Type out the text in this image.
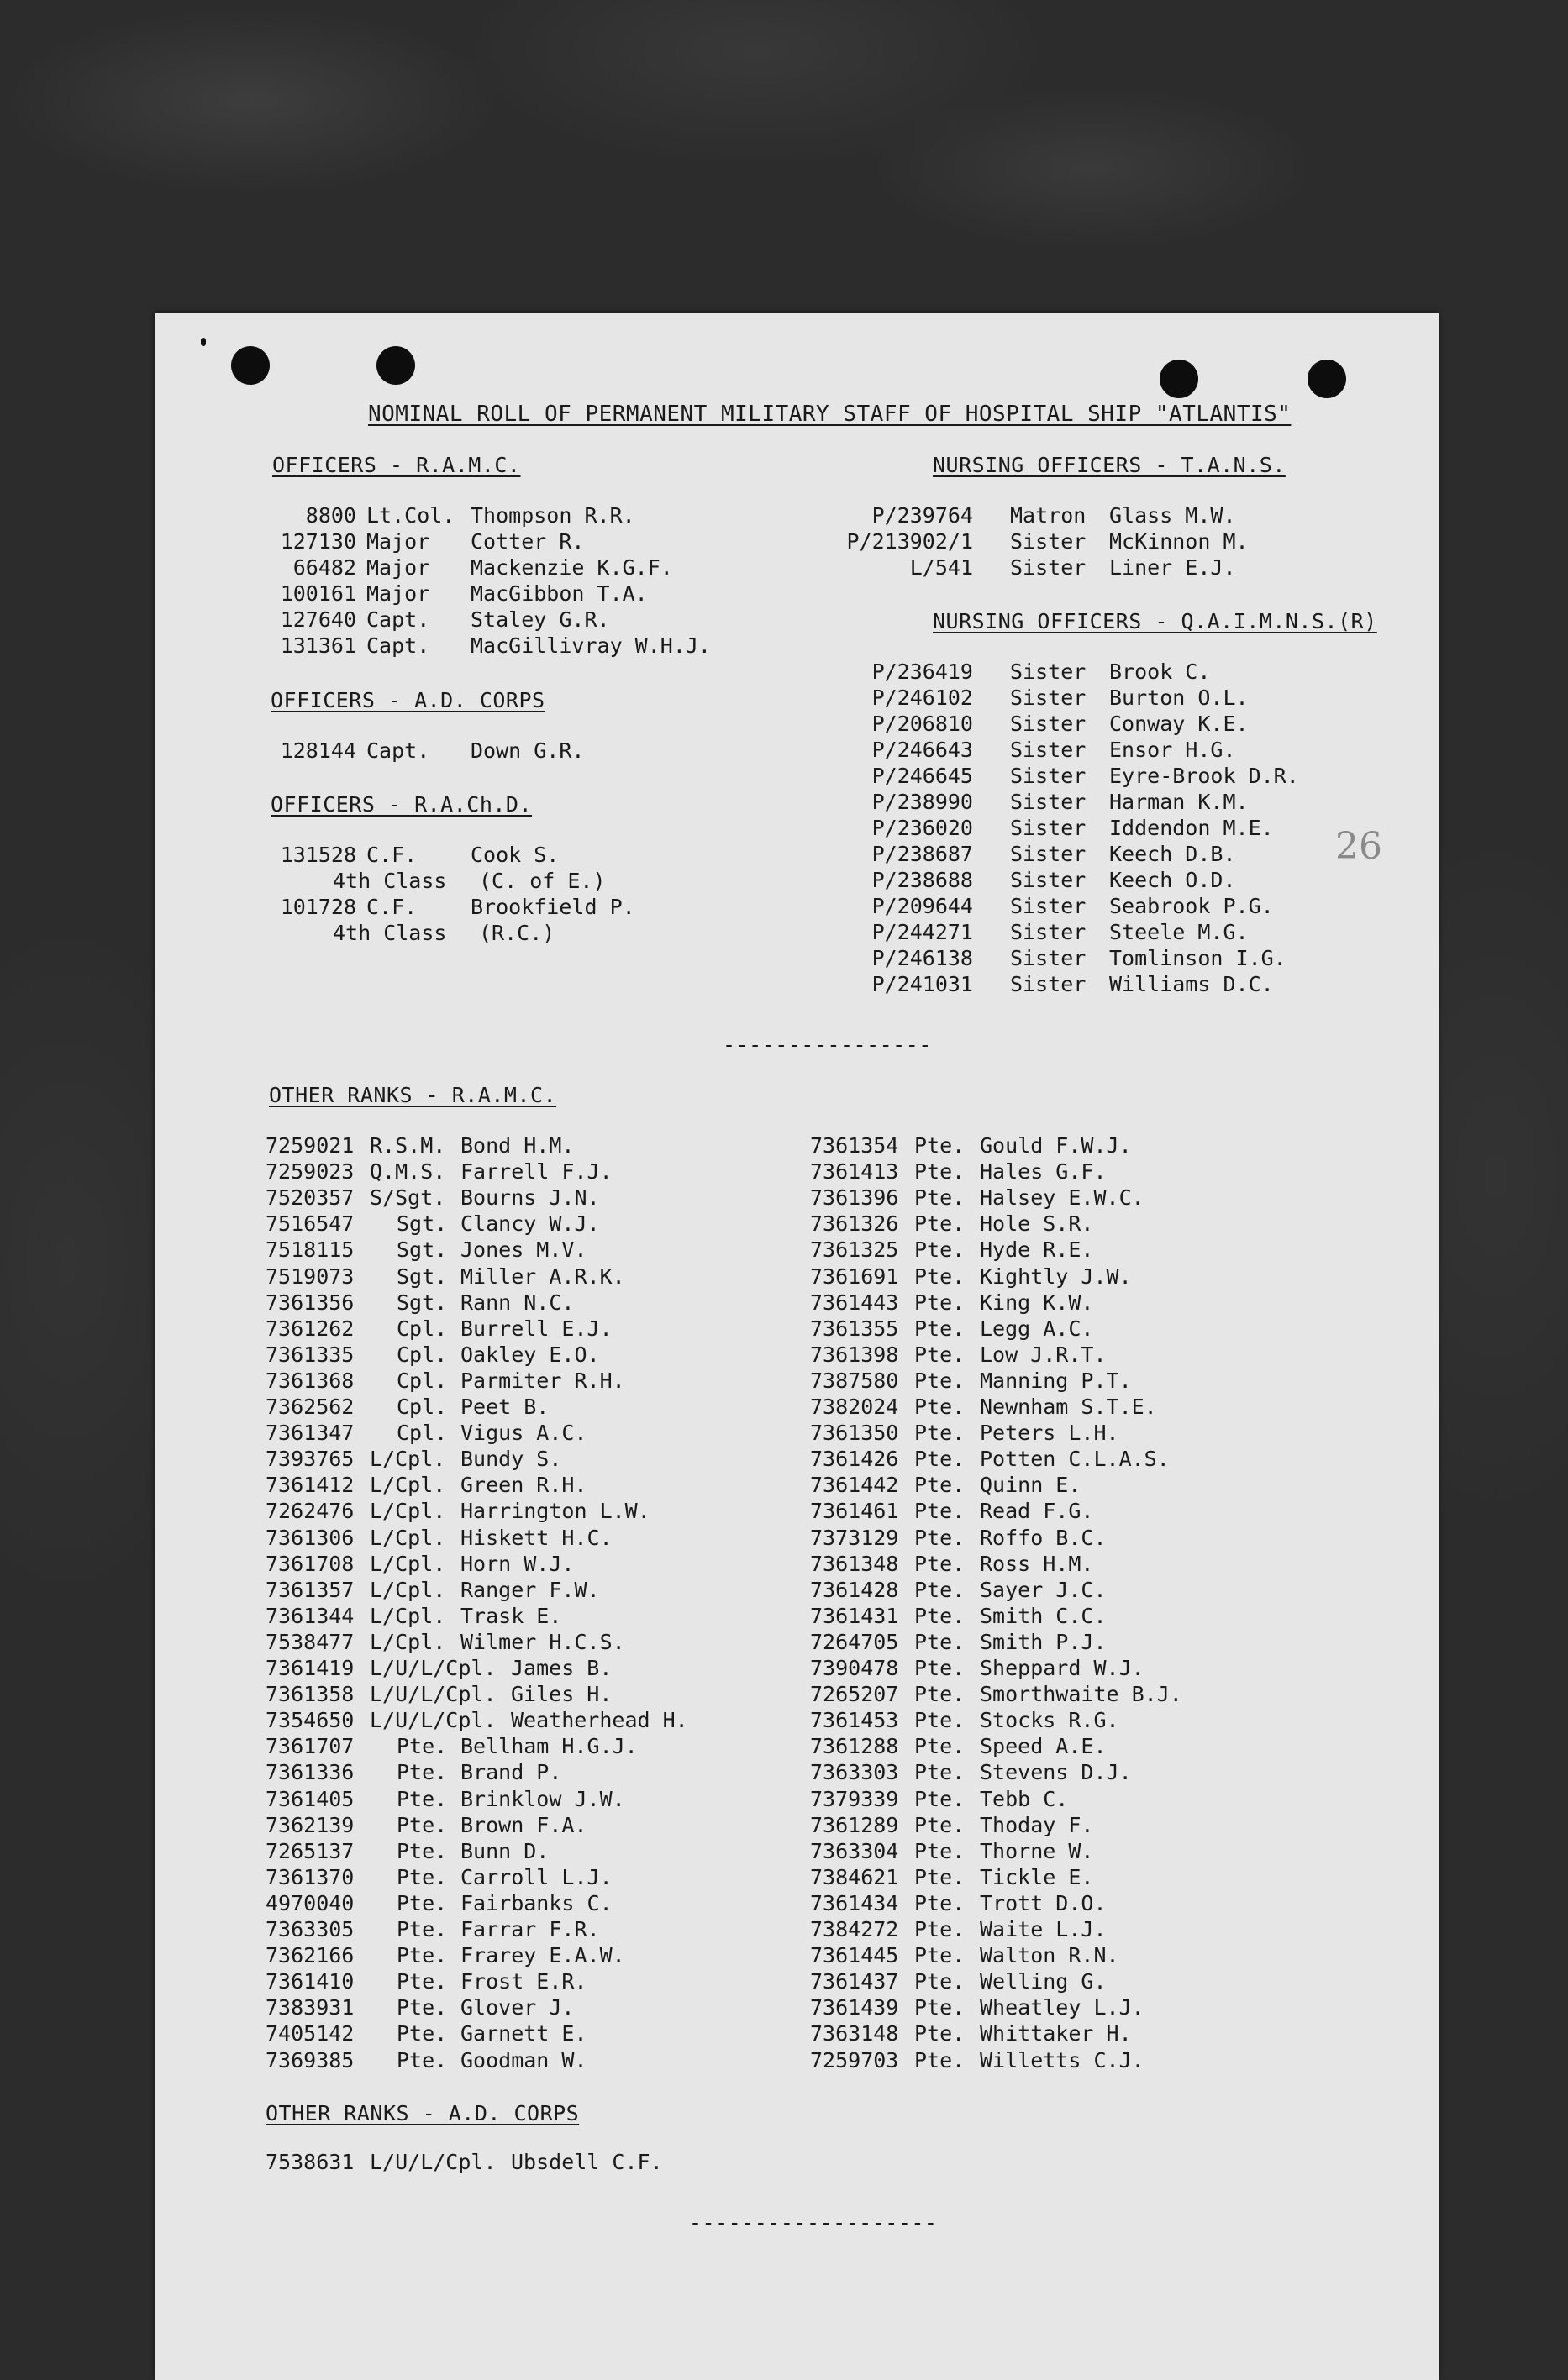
NOMINAL ROLL OF PERMANENT MILITARY STAFF OF HOSPITAL SHIP "ATLANTIS"
OFFICERS - R.A.M.C.	NURSING OFFICERS - T.A.N.S.
OFFICERS - A.D. CORPS
OFFICERS - R.A.Ch.D.
NURSING OFFICERS - Q.A.I.M.N.S.(R)
26
----------------
OTHER RANKS - R.A.M.C.
OTHER RANKS - A.D. CORPS
-------------------
8800 Lt.Col. Thompson R.R.
127130 Major Cotter R.
66482 Major Mackenzie K.G.F.
100161 Major MacGibbon T.A.
127640 Capt. Staley G.R.
131361 Capt. MacGillivray W.H.J.
128144 Capt. Down G.R.
131528 C.F.	Cook S.
4th Class (C. of E.)
101728 C.F.	Brookfield P.
4th Class (R.C.)
P/239764 Matron Glass M.W.
P/213902/1 Sister McKinnon M.
L/541 Sister Liner E.J.
P/236419 Sister Brook C.
P/246102 Sister Burton O.L.
P/206810 Sister Conway K.E.
P/246643 Sister Ensor H.G.
P/246645 Sister Eyre-Brook D.R.
P/238990 Sister Harman K.M.
P/236020 Sister Iddendon M.E.
P/238687 Sister Keech D.B.
P/238688 Sister Keech O.D.
P/209644 Sister Seabrook P.G.
P/244271 Sister Steele M.G.
P/246138 Sister Tomlinson I.G.
P/241031 Sister Williams D.C.
7259021 R.S.M. Bond H.M.
7259023 Q.M.S. Farrell F.J.
7520357 S/Sgt. Bourns J.N.
7516547 Sgt. Clancy W.J.
7518115 Sgt. Jones M.V.
7519073 Sgt. Miller A.R.K.
7361356 Sgt. Rann N.C.
7361262 Cpl. Burrell E.J.
7361335 Cpl. Oakley E.O.
7361368 Cpl. Parmiter R.H.
7362562 Cpl. Peet B.
7361347 Cpl. Vigus A.C.
7393765 L/Cpl. Bundy S.
7361412 L/Cpl. Green R.H.
7262476 L/Cpl. Harrington L.W.
7361306 L/Cpl. Hiskett H.C.
7361708 L/Cpl. Horn W.J.
7361357 L/Cpl. Ranger F.W.
7361344 L/Cpl. Trask E.
7538477 L/Cpl. Wilmer H.C.S.
7361419 L/U/L/Cpl. James B.
7361358 L/U/L/Cpl. Giles H.
7354650 L/U/L/Cpl. Weatherhead H.
7361707 Pte. Bellham H.G.J.
7361336 Pte. Brand P.
7361405 Pte. Brinklow J.W.
7362139 Pte. Brown F.A.
7265137 Pte. Bunn D.
7361370 Pte. Carroll L.J.
4970040 Pte. Fairbanks C.
7363305 Pte. Farrar F.R.
7362166 Pte. Frarey E.A.W.
7361410 Pte. Frost E.R.
7383931 Pte. Glover J.
7405142 Pte. Garnett E.
7369385 Pte. Goodman W.
7361354 Pte. Gould F.W.J.
7361413 Pte. Hales G.F.
7361396 Pte. Halsey E.W.C.
7361326 Pte. Hole S.R.
7361325 Pte. Hyde R.E.
7361691 Pte. Kightly J.W.
7361443 Pte. King K.W.
7361355 Pte. Legg A.C.
7361398 Pte. Low J.R.T.
7387580 Pte. Manning P.T.
7382024 Pte. Newnham S.T.E.
7361350 Pte. Peters L.H.
7361426 Pte. Potten C.L.A.S.
7361442 Pte. Quinn E.
7361461 Pte. Read F.G.
7373129 Pte. Roffo B.C.
7361348 Pte. Ross H.M.
7361428 Pte. Sayer J.C.
7361431 Pte. Smith C.C.
7264705 Pte. Smith P.J.
7390478 Pte. Sheppard W.J.
7265207 Pte. Smorthwaite B.J.
7361453 Pte. Stocks R.G.
7361288 Pte. Speed A.E.
7363303 Pte. Stevens D.J.
7379339 Pte. Tebb C.
7361289 Pte. Thoday F.
7363304 Pte. Thorne W.
7384621 Pte. Tickle E.
7361434 Pte. Trott D.O.
7384272 Pte. Waite L.J.
7361445 Pte. Walton R.N.
7361437 Pte. Welling G.
7361439 Pte. Wheatley L.J.
7363148 Pte. Whittaker H.
7259703 Pte. Willetts C.J.
7538631 L/U/L/Cpl. Ubsdell C.F.
